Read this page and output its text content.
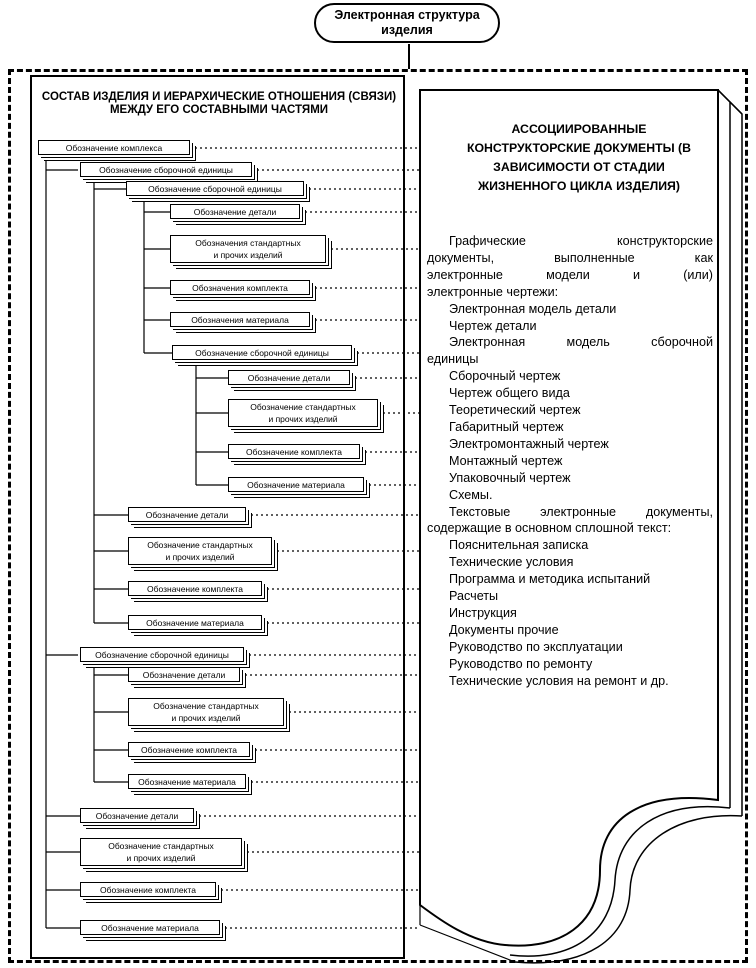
Электронная структура изделия
СОСТАВ ИЗДЕЛИЯ И ИЕРАРХИЧЕСКИЕ ОТНОШЕНИЯ (СВЯЗИ) МЕЖДУ ЕГО СОСТАВНЫМИ ЧАСТЯМИ
Обозначение комплекса
Обозначение сборочной единицы
Обозначение сборочной единицы
Обозначение детали
Обозначения стандартных
и прочих изделий
Обозначения комплекта
Обозначения материала
Обозначение сборочной единицы
Обозначение детали
Обозначение стандартных
и прочих изделий
Обозначение комплекта
Обозначение материала
Обозначение детали
Обозначение стандартных
и прочих изделий
Обозначение комплекта
Обозначение материала
Обозначение сборочной единицы
Обозначение детали
Обозначение стандартных
и прочих изделий
Обозначение комплекта
Обозначение материала
Обозначение детали
Обозначение стандартных
и прочих изделий
Обозначение комплекта
Обозначение материала
АССОЦИИРОВАННЫЕ КОНСТРУКТОРСКИЕ ДОКУМЕНТЫ (В ЗАВИСИМОСТИ ОТ СТАДИИ ЖИЗНЕННОГО ЦИКЛА ИЗДЕЛИЯ)

Графические конструкторские

документы, выполненные как

электронные модели и (или)

электронные чертежи:

Электронная модель детали

Чертеж детали

Электронная модель сборочной

единицы

Сборочный чертеж

Чертеж общего вида

Теоретический чертеж

Габаритный чертеж

Электромонтажный чертеж

Монтажный чертеж

Упаковочный чертеж

Схемы.

Текстовые электронные документы,

содержащие в основном сплошной текст:

Пояснительная записка

Технические условия

Программа и методика испытаний

Расчеты

Инструкция

Документы прочие

Руководство по эксплуатации

Руководство по ремонту

Технические условия на ремонт и др.
